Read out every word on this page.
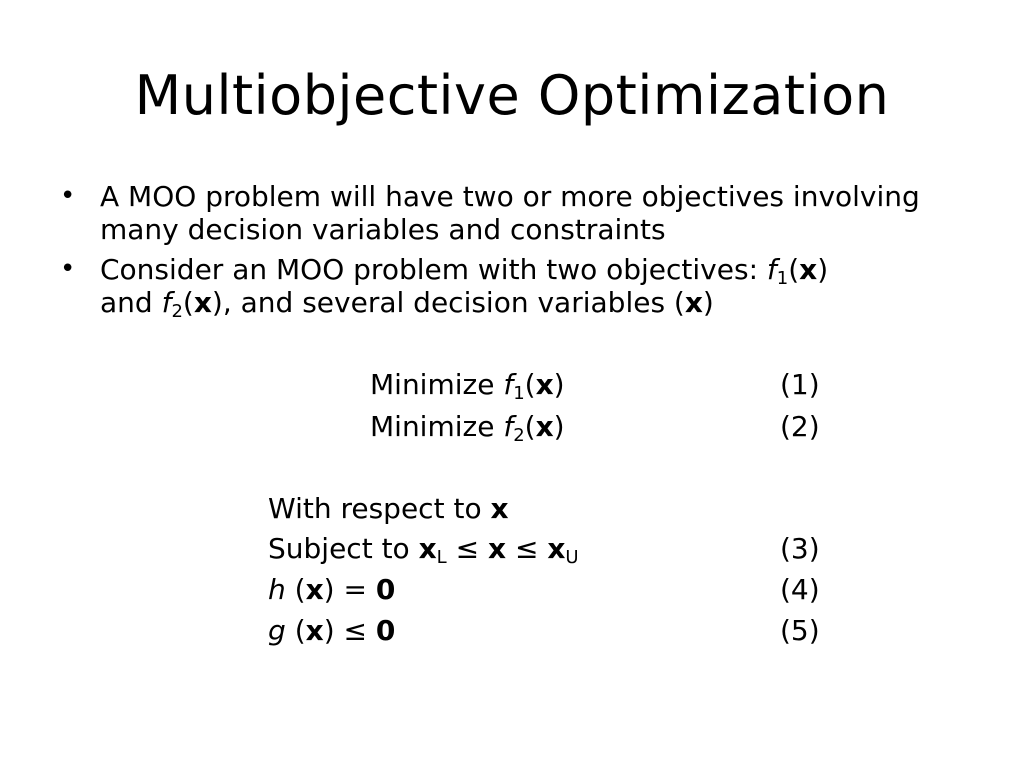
Multiobjective Optimization
• A MOO problem will have two or more objectives involving many decision variables and constraints
• Consider an MOO problem with two objectives: $f_1(x)$
and $f_2(x)$, and several decision variables (x)
Minimize $f_1(x)$	(1)
Minimize $f_2(x)$	(2)
With respect to x
Subject to $x_L \le x \le x_U$	(3)
h (x) = 0	(4)
g (x) ≤ 0	(5)
